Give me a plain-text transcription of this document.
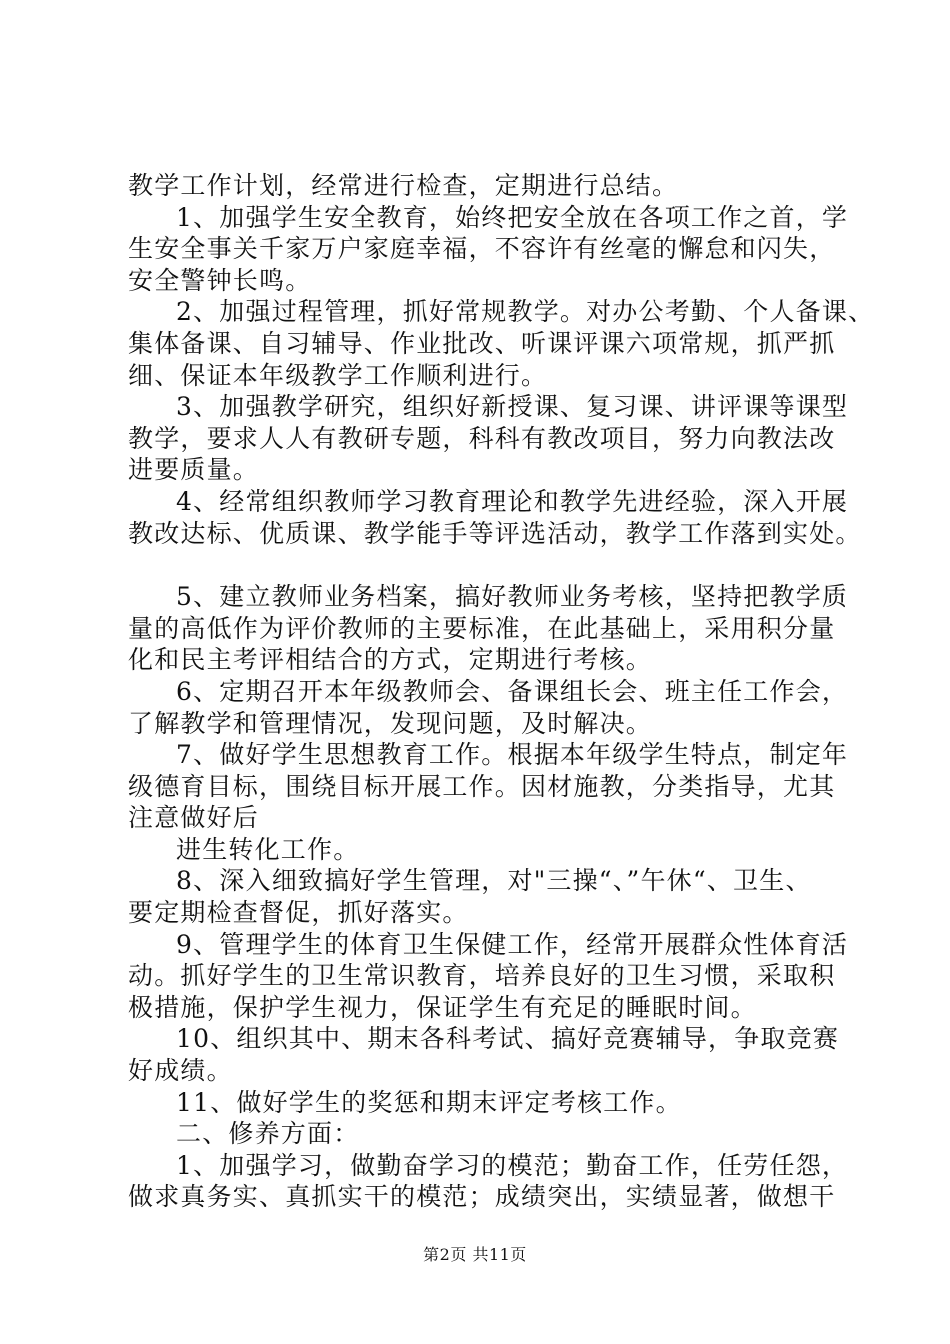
教学工作计划，经常进行检查，定期进行总结。

1、加强学生安全教育，始终把安全放在各项工作之首，学

生安全事关千家万户家庭幸福，不容许有丝毫的懈怠和闪失，

安全警钟长鸣。

2、加强过程管理，抓好常规教学。对办公考勤、个人备课、

集体备课、自习辅导、作业批改、听课评课六项常规，抓严抓

细、保证本年级教学工作顺利进行。

3、加强教学研究，组织好新授课、复习课、讲评课等课型

教学，要求人人有教研专题，科科有教改项目，努力向教法改

进要质量。

4、经常组织教师学习教育理论和教学先进经验，深入开展

教改达标、优质课、教学能手等评选活动，教学工作落到实处。

5、建立教师业务档案，搞好教师业务考核，坚持把教学质

量的高低作为评价教师的主要标准，在此基础上，采用积分量

化和民主考评相结合的方式，定期进行考核。

6、定期召开本年级教师会、备课组长会、班主任工作会，

了解教学和管理情况，发现问题，及时解决。

7、做好学生思想教育工作。根据本年级学生特点，制定年

级德育目标，围绕目标开展工作。因材施教，分类指导，尤其

注意做好后

进生转化工作。

8、深入细致搞好学生管理，对"三操“、”午休“、卫生、

要定期检查督促，抓好落实。

9、管理学生的体育卫生保健工作，经常开展群众性体育活

动。抓好学生的卫生常识教育，培养良好的卫生习惯，采取积

极措施，保护学生视力，保证学生有充足的睡眠时间。

10、组织其中、期末各科考试、搞好竞赛辅导，争取竞赛

好成绩。

11、做好学生的奖惩和期末评定考核工作。

二、修养方面：

1、加强学习，做勤奋学习的模范；勤奋工作，任劳任怨，

做求真务实、真抓实干的模范；成绩突出，实绩显著，做想干

第2页 共11页
